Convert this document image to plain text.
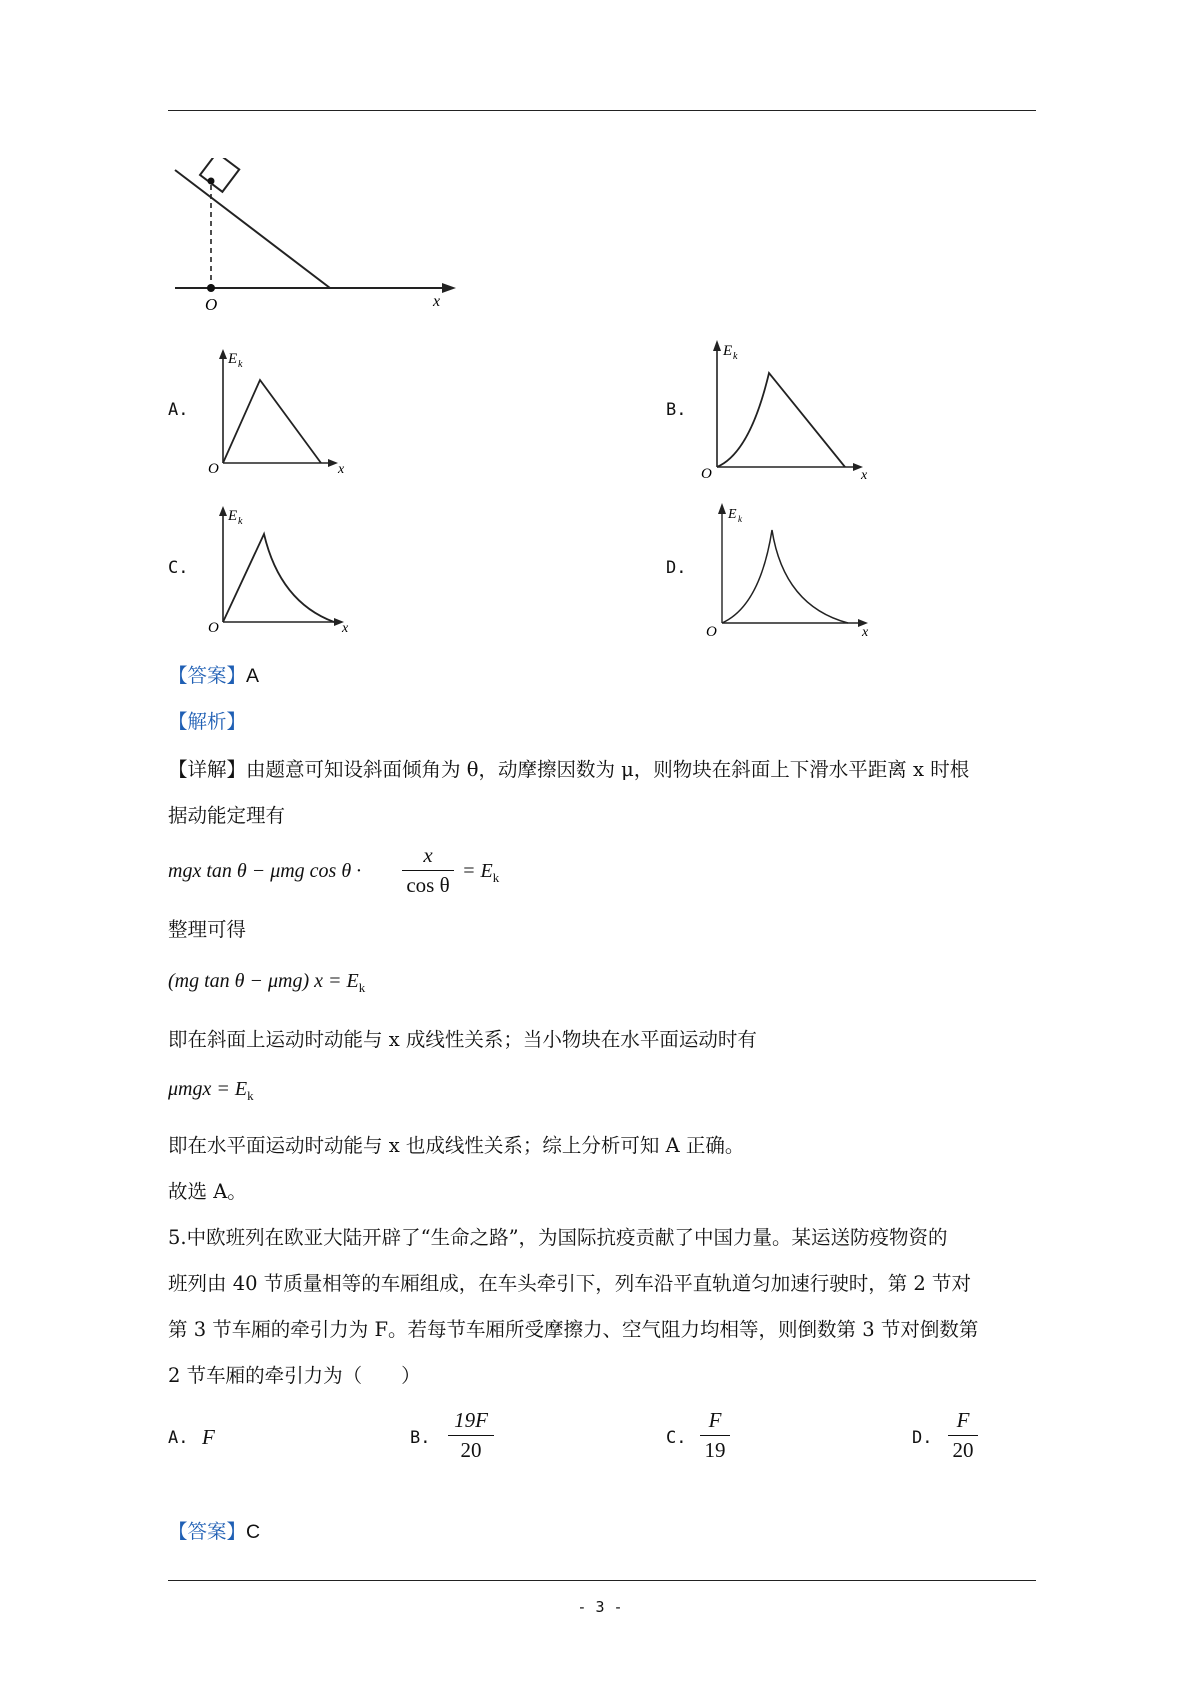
O	x
A.
E k
O	x
B.
E k
O	x
C.
E k
O	x
D.
E k
O	x
【答案】A
【解析】
【详解】由题意可知设斜面倾角为 θ，动摩擦因数为 μ，则物块在斜面上下滑水平距离 x 时根
据动能定理有
mgx tan θ − μmg cos θ ·
x
cos θ
= $E_k$
整理可得
(mg tan θ − μmg) $x = E_k$
即在斜面上运动时动能与 x 成线性关系；当小物块在水平面运动时有
$\mu mgx = E_k$
即在水平面运动时动能与 x 也成线性关系；综上分析可知 A 正确。
故选 A。
5.中欧班列在欧亚大陆开辟了“生命之路”，为国际抗疫贡献了中国力量。某运送防疫物资的
班列由 40 节质量相等的车厢组成，在车头牵引下，列车沿平直轨道匀加速行驶时，第 2 节对
第 3 节车厢的牵引力为 F。若每节车厢所受摩擦力、空气阻力均相等，则倒数第 3 节对倒数第
2 节车厢的牵引力为（　　）
A. F	B.
19F
20	C.
F
19	D.
F
20
【答案】C
- 3 -
